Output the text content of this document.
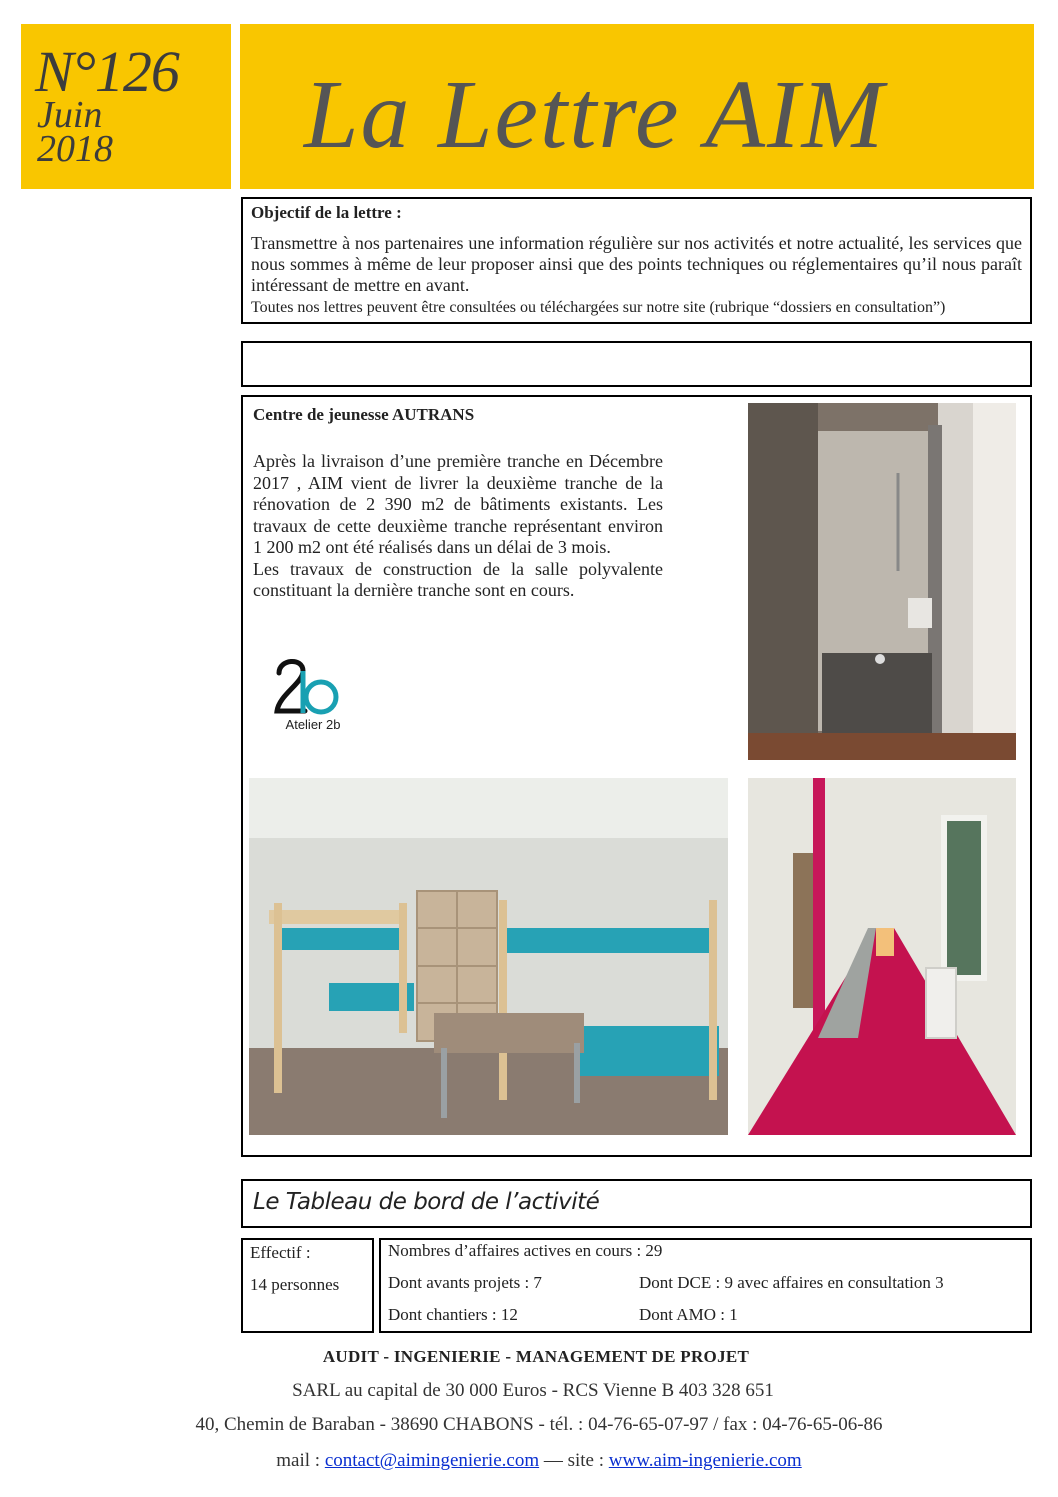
N°126
Juin
2018	La Lettre AIM
Objectif de la lettre :
Transmettre à nos partenaires une information régulière sur nos activités et notre actualité, les services que nous sommes à même de leur proposer ainsi que des points techniques ou réglementaires qu’il nous paraît intéressant de mettre en avant.
Toutes nos lettres peuvent être consultées ou téléchargées sur notre site (rubrique “dossiers en consultation”)
Centre de jeunesse AUTRANS

Après la livraison d’une première tranche en Décembre 2017 , AIM vient de livrer la deuxième tranche de la rénovation de 2 390 m2 de bâtiments existants. Les travaux de cette deuxième tranche représentant environ 1 200 m2 ont été réalisés dans un délai de 3 mois.

Les travaux de construction de la salle polyvalente constituant la dernière tranche sont en cours.

Atelier 2b
Le Tableau de bord de l’activité
Effectif :
14 personnes
Nombres d’affaires actives en cours : 29
Dont avants projets : 7	Dont DCE : 9 avec affaires en consultation 3
Dont chantiers : 12	Dont AMO : 1
AUDIT - INGENIERIE - MANAGEMENT DE PROJET
SARL au capital de 30 000 Euros - RCS Vienne B 403 328 651
40, Chemin de Baraban - 38690 CHABONS - tél. : 04-76-65-07-97 / fax : 04-76-65-06-86
mail : contact@aimingenierie.com — site : www.aim-ingenierie.com
